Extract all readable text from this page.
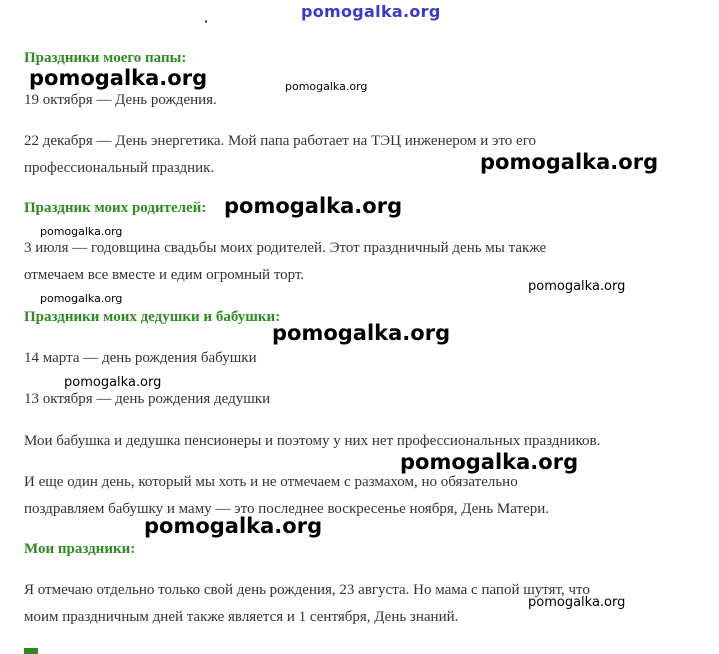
pomogalka.org
Праздники моего папы:
19 октября — День рождения.
22 декабря — День энергетика. Мой папа работает на ТЭЦ инженером и это его
профессиональный праздник.
Праздник моих родителей:
3 июля — годовщина свадьбы моих родителей. Этот праздничный день мы также
отмечаем все вместе и едим огромный торт.
Праздники моих дедушки и бабушки:
14 марта — день рождения бабушки
13 октября — день рождения дедушки
Мои бабушка и дедушка пенсионеры и поэтому у них нет профессиональных праздников.
И еще один день, который мы хоть и не отмечаем с размахом, но обязательно
поздравляем бабушку и маму — это последнее воскресенье ноября, День Матери.
Мои праздники:
Я отмечаю отдельно только свой день рождения, 23 августа. Но мама с папой шутят, что
моим праздничным дней также является и 1 сентября, День знаний.
pomogalka.org	pomogalka.org
pomogalka.org
pomogalka.org
pomogalka.org
pomogalka.org
pomogalka.org
pomogalka.org
pomogalka.org
pomogalka.org
pomogalka.org
pomogalka.org
